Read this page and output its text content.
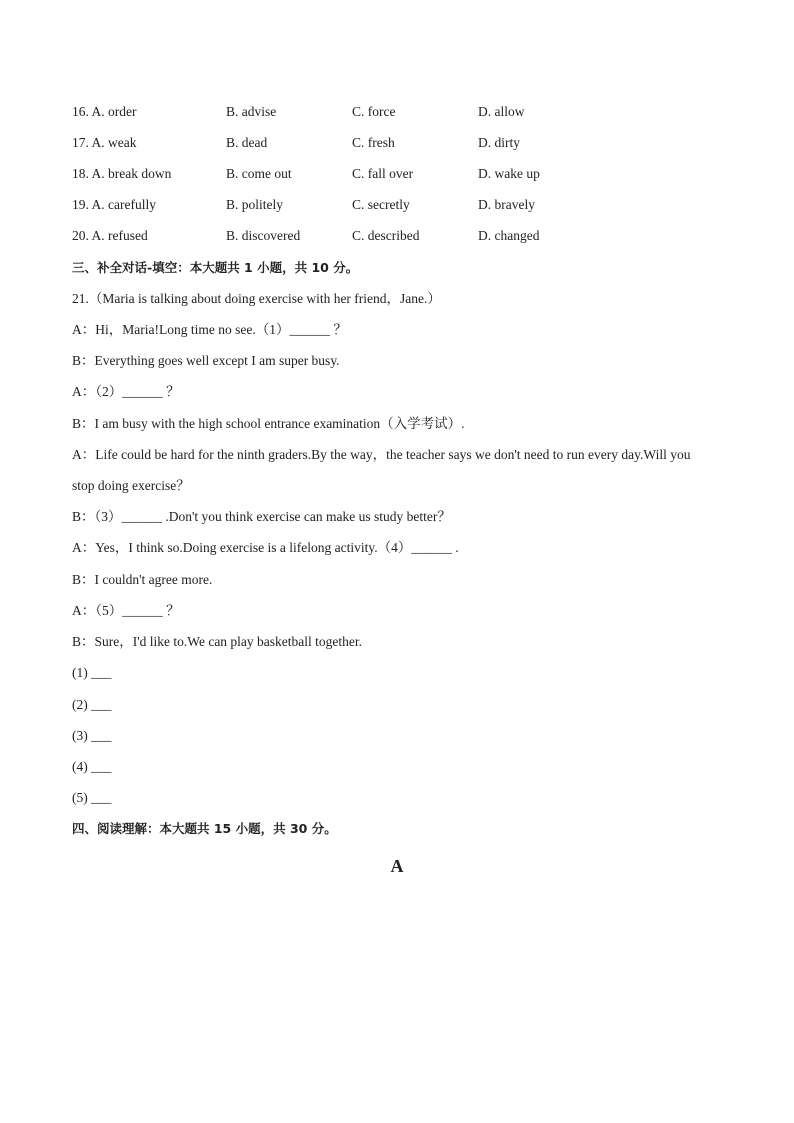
16. A. order	B. advise	C. force	D. allow
17. A. weak	B. dead	C. fresh	D. dirty
18. A. break down	B. come out	C. fall over	D. wake up
19. A. carefully	B. politely	C. secretly	D. bravely
20. A. refused	B. discovered	C. described	D. changed
三、补全对话-填空：本大题共 1 小题，共 10 分。
21.（Maria is talking about doing exercise with her friend，Jane.）
A：Hi，Maria!Long time no see.（1）______ ？
B：Everything goes well except I am super busy.
A：（2）______ ？
B：I am busy with the high school entrance examination（入学考试）.
A：Life could be hard for the ninth graders.By the way，the teacher says we don't need to run every day.Will you
stop doing exercise？
B：（3）______ .Don't you think exercise can make us study better？
A：Yes，I think so.Doing exercise is a lifelong activity.（4）______ .
B：I couldn't agree more.
A：（5）______ ？
B：Sure，I'd like to.We can play basketball together.
(1) ___
(2) ___
(3) ___
(4) ___
(5) ___
四、阅读理解：本大题共 15 小题，共 30 分。
A
